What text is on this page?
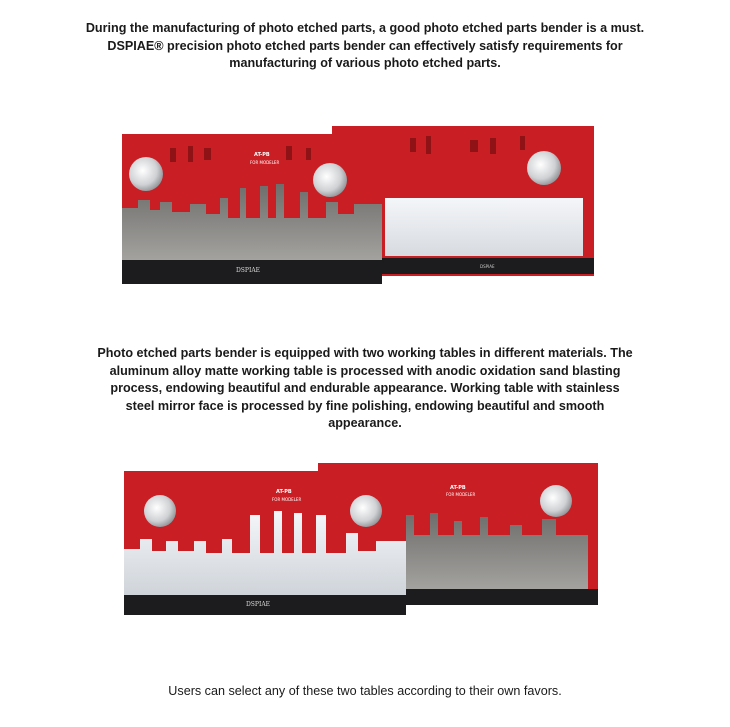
During the manufacturing of photo etched parts, a good photo etched parts bender is a must. DSPIAE® precision photo etched parts bender can effectively satisfy requirements for manufacturing of various photo etched parts.

DSPIAE
AT-PB
FOR MODELER
DSPIAE

Photo etched parts bender is equipped with two working tables in different materials. The aluminum alloy matte working table is processed with anodic oxidation sand blasting process, endowing beautiful and endurable appearance. Working table with stainless steel mirror face is processed by fine polishing, endowing beautiful and smooth appearance.

AT-PB
FOR MODELER
AT-PB
FOR MODELER
DSPIAE

Users can select any of these two tables according to their own favors.
